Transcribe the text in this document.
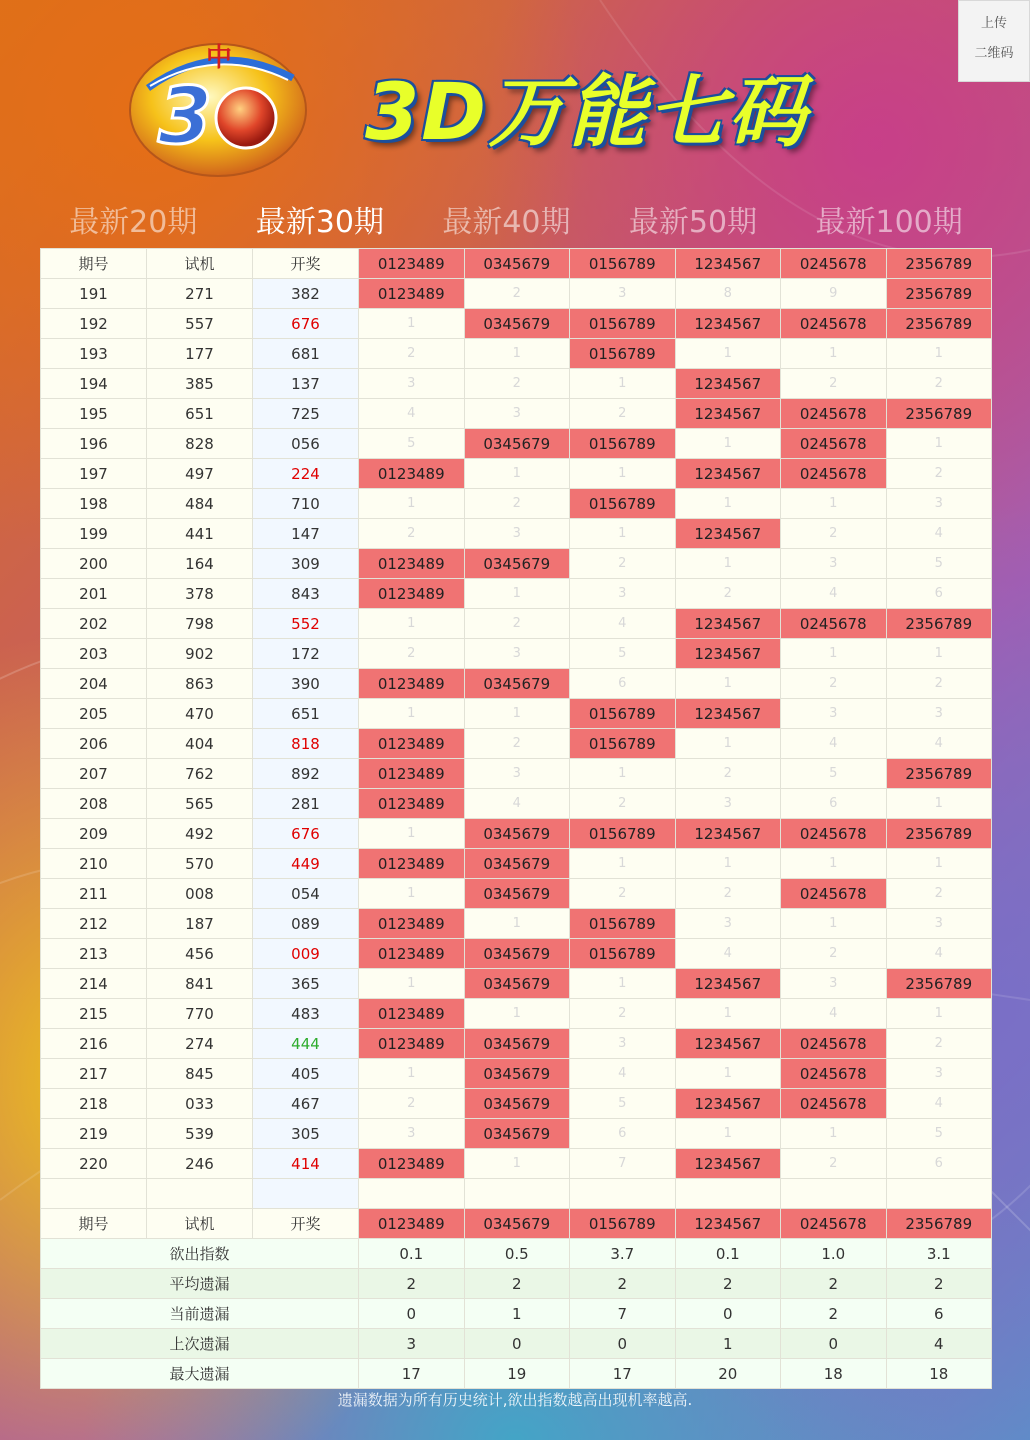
3
中
3D万能七码
上传
二维码
最新20期 最新30期 最新40期 最新50期 最新100期
期号	试机	开奖	0123489	0345679	0156789	1234567	0245678	2356789
191	271	382	0123489	2	3	8	9	2356789
192	557	676	1	0345679	0156789	1234567	0245678	2356789
193	177	681	2	1	0156789	1	1	1
194	385	137	3	2	1	1234567	2	2
195	651	725	4	3	2	1234567	0245678	2356789
196	828	056	5	0345679	0156789	1	0245678	1
197	497	224	0123489	1	1	1234567	0245678	2
198	484	710	1	2	0156789	1	1	3
199	441	147	2	3	1	1234567	2	4
200	164	309	0123489	0345679	2	1	3	5
201	378	843	0123489	1	3	2	4	6
202	798	552	1	2	4	1234567	0245678	2356789
203	902	172	2	3	5	1234567	1	1
204	863	390	0123489	0345679	6	1	2	2
205	470	651	1	1	0156789	1234567	3	3
206	404	818	0123489	2	0156789	1	4	4
207	762	892	0123489	3	1	2	5	2356789
208	565	281	0123489	4	2	3	6	1
209	492	676	1	0345679	0156789	1234567	0245678	2356789
210	570	449	0123489	0345679	1	1	1	1
211	008	054	1	0345679	2	2	0245678	2
212	187	089	0123489	1	0156789	3	1	3
213	456	009	0123489	0345679	0156789	4	2	4
214	841	365	1	0345679	1	1234567	3	2356789
215	770	483	0123489	1	2	1	4	1
216	274	444	0123489	0345679	3	1234567	0245678	2
217	845	405	1	0345679	4	1	0245678	3
218	033	467	2	0345679	5	1234567	0245678	4
219	539	305	3	0345679	6	1	1	5
220	246	414	0123489	1	7	1234567	2	6

期号	试机	开奖	0123489	0345679	0156789	1234567	0245678	2356789
欲出指数			0.1	0.5	3.7	0.1	1.0	3.1
平均遗漏			2	2	2	2	2	2
当前遗漏			0	1	7	0	2	6
上次遗漏			3	0	0	1	0	4
最大遗漏			17	19	17	20	18	18
遗漏数据为所有历史统计,欲出指数越高出现机率越高.
